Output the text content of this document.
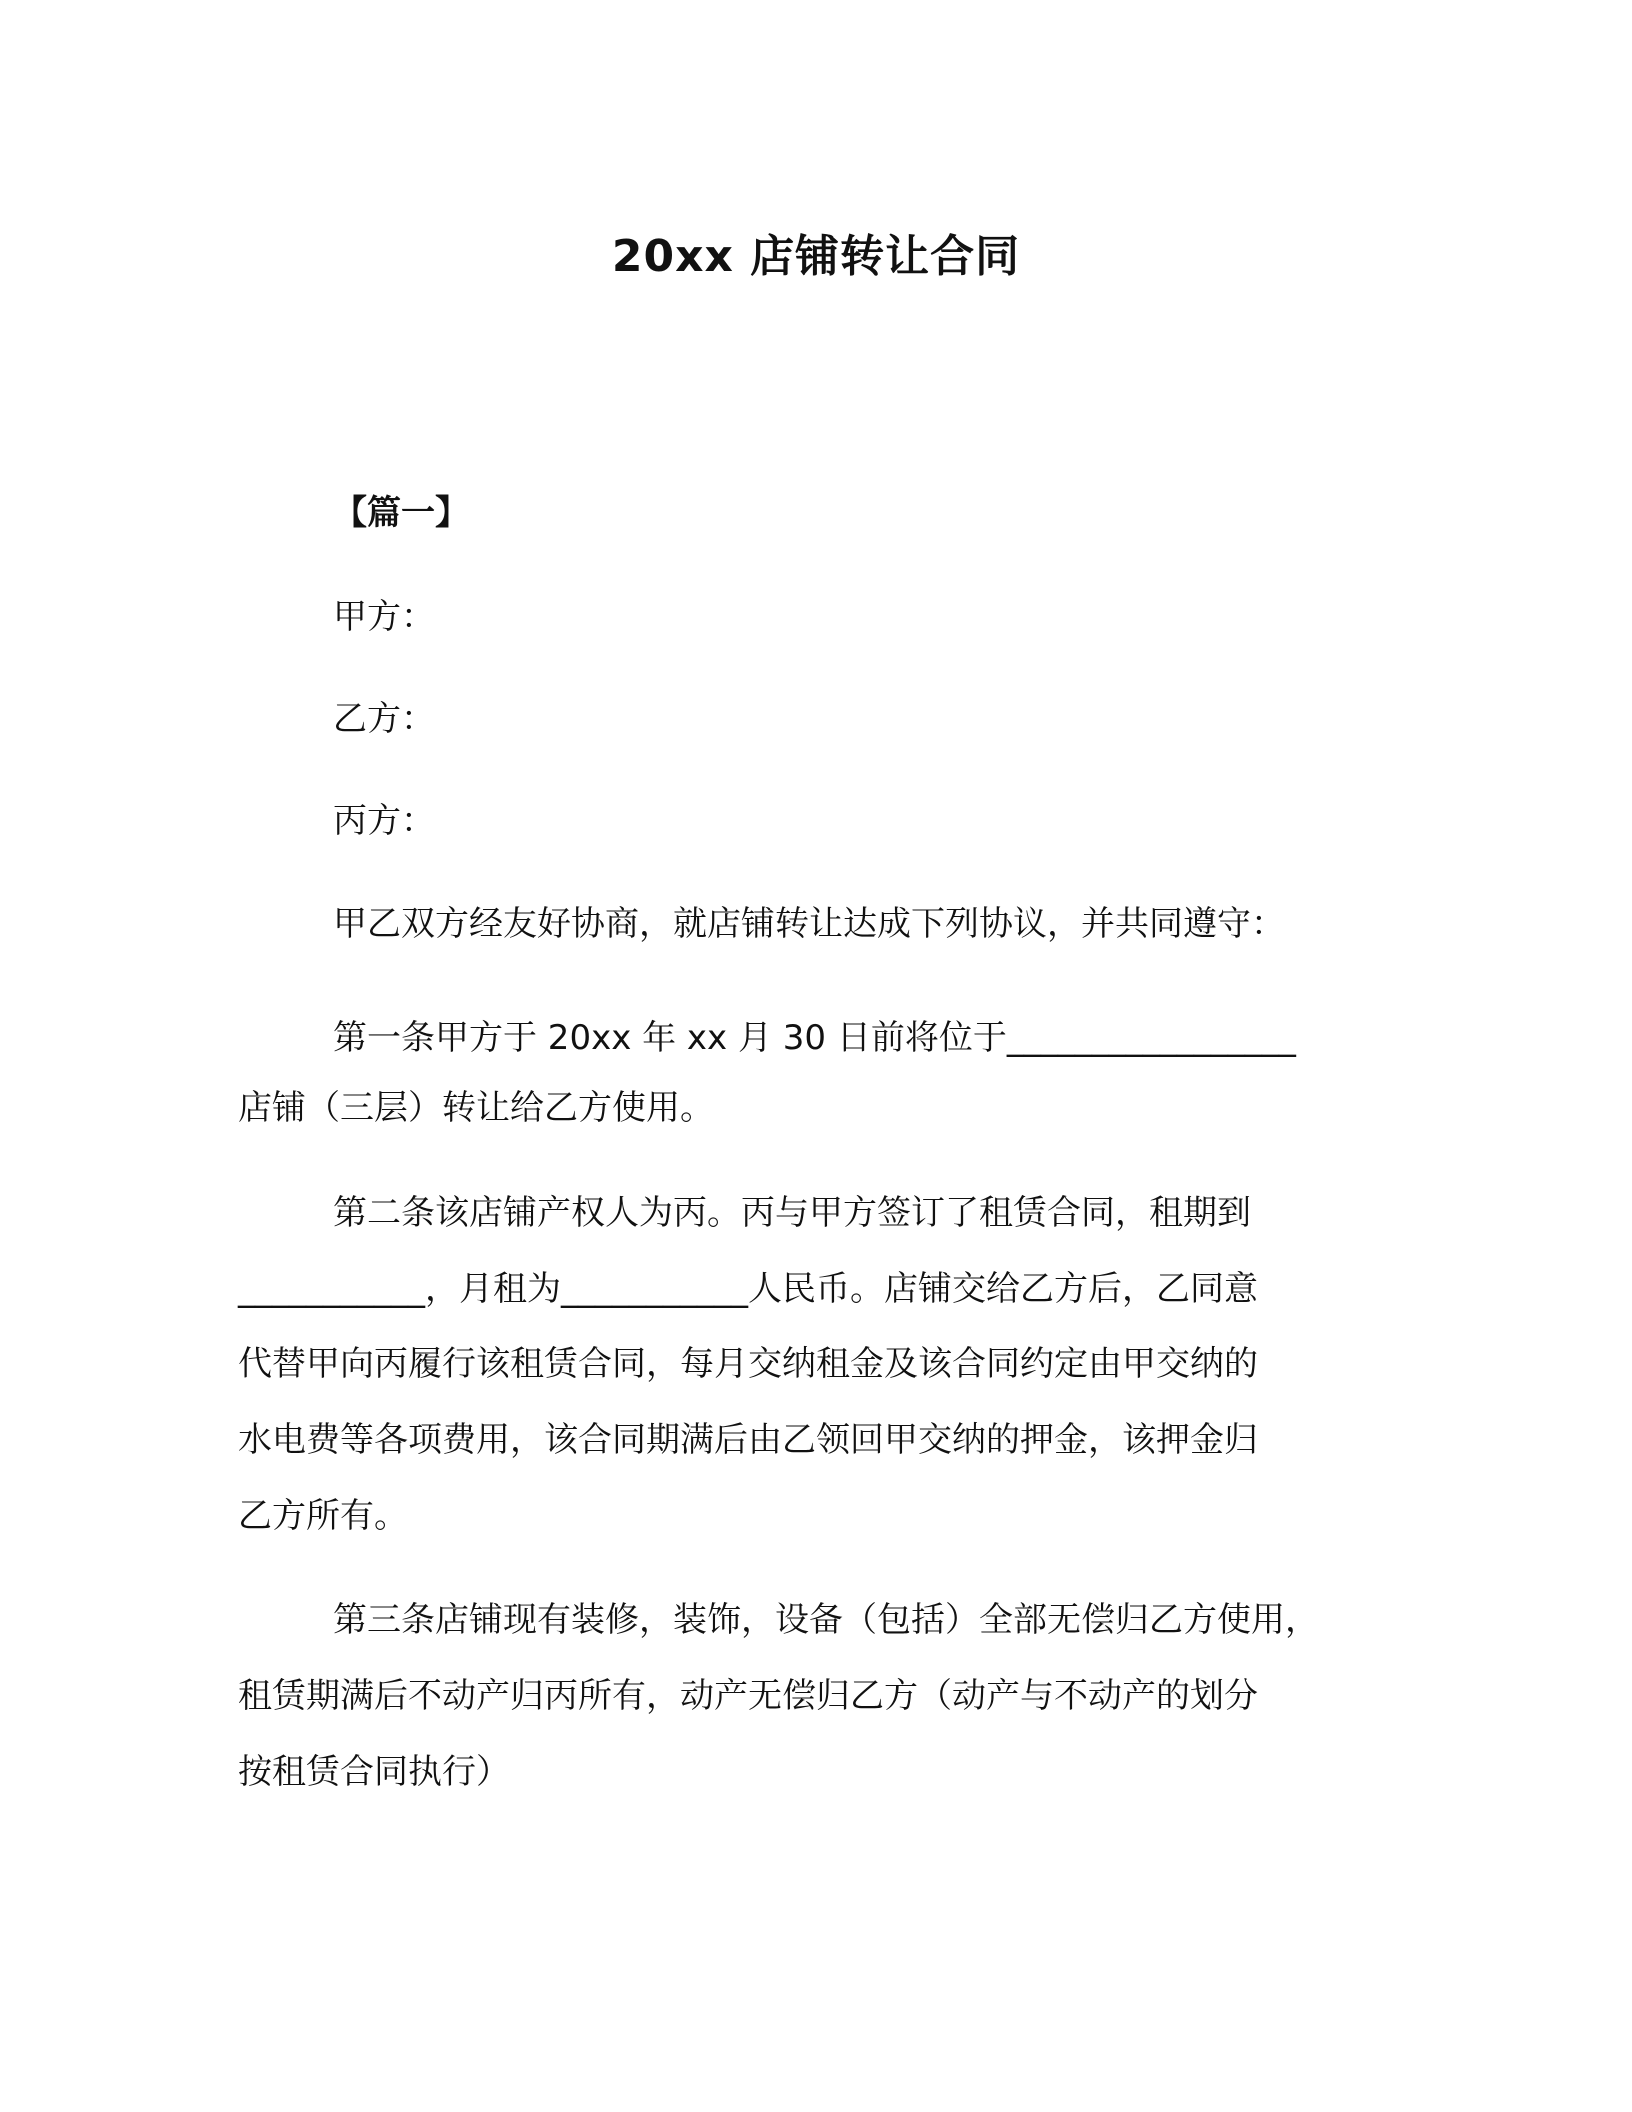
20xx 店铺转让合同

【篇一】

甲方：

乙方：

丙方：

甲乙双方经友好协商，就店铺转让达成下列协议，并共同遵守：

第一条甲方于 20xx 年 xx 月 30 日前将位于_________________

店铺（三层）转让给乙方使用。

第二条该店铺产权人为丙。丙与甲方签订了租赁合同，租期到

___________，月租为___________人民币。店铺交给乙方后，乙同意

代替甲向丙履行该租赁合同，每月交纳租金及该合同约定由甲交纳的

水电费等各项费用，该合同期满后由乙领回甲交纳的押金，该押金归

乙方所有。

第三条店铺现有装修，装饰，设备（包括）全部无偿归乙方使用，

租赁期满后不动产归丙所有，动产无偿归乙方（动产与不动产的划分

按租赁合同执行）
